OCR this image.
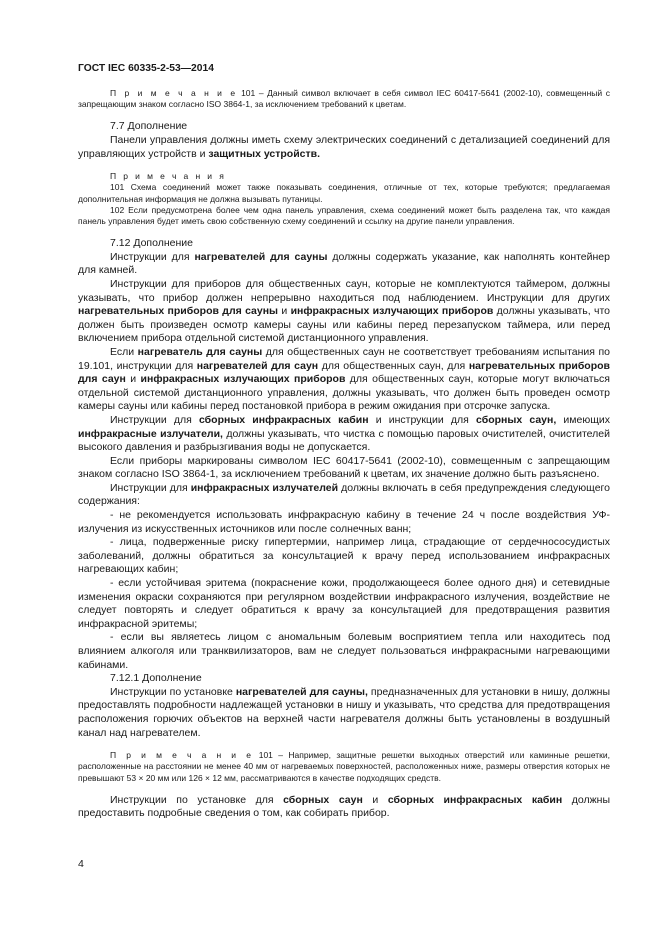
ГОСТ IEC 60335-2-53—2014

П р и м е ч а н и е 101 – Данный символ включает в себя символ IEC 60417-5641 (2002-10), совмещенный с запрещающим знаком согласно ISO 3864-1, за исключением требований к цветам.

7.7 Дополнение

Панели управления должны иметь схему электрических соединений с детализацией соединений для управляющих устройств и защитных устройств.

П р и м е ч а н и я

101 Схема соединений может также показывать соединения, отличные от тех, которые требуются; предлагаемая дополнительная информация не должна вызывать путаницы.

102 Если предусмотрена более чем одна панель управления, схема соединений может быть разделена так, что каждая панель управления будет иметь свою собственную схему соединений и ссылку на другие панели управления.

7.12 Дополнение

Инструкции для нагревателей для сауны должны содержать указание, как наполнять контейнер для камней.

Инструкции для приборов для общественных саун, которые не комплектуются таймером, должны указывать, что прибор должен непрерывно находиться под наблюдением. Инструкции для других нагревательных приборов для сауны и инфракрасных излучающих приборов должны указывать, что должен быть произведен осмотр камеры сауны или кабины перед перезапуском таймера, или перед включением прибора отдельной системой дистанционного управления.

Если нагреватель для сауны для общественных саун не соответствует требованиям испытания по 19.101, инструкции для нагревателей для саун для общественных саун, для нагревательных приборов для саун и инфракрасных излучающих приборов для общественных саун, которые могут включаться отдельной системой дистанционного управления, должны указывать, что должен быть проведен осмотр камеры сауны или кабины перед постановкой прибора в режим ожидания при отсрочке запуска.

Инструкции для сборных инфракрасных кабин и инструкции для сборных саун, имеющих инфракрасные излучатели, должны указывать, что чистка с помощью паровых очистителей, очистителей высокого давления и разбрызгивания воды не допускается.

Если приборы маркированы символом IEC 60417-5641 (2002-10), совмещенным с запрещающим знаком согласно ISO 3864-1, за исключением требований к цветам, их значение должно быть разъяснено.

Инструкции для инфракрасных излучателей должны включать в себя предупреждения следующего содержания:

- не рекомендуется использовать инфракрасную кабину в течение 24 ч после воздействия УФ-излучения из искусственных источников или после солнечных ванн;

- лица, подверженные риску гипертермии, например лица, страдающие от сердечнососудистых заболеваний, должны обратиться за консультацией к врачу перед использованием инфракрасных нагревающих кабин;

- если устойчивая эритема (покраснение кожи, продолжающееся более одного дня) и сетевидные изменения окраски сохраняются при регулярном воздействии инфракрасного излучения, воздействие не следует повторять и следует обратиться к врачу за консультацией для предотвращения развития инфракрасной эритемы;

- если вы являетесь лицом с аномальным болевым восприятием тепла или находитесь под влиянием алкоголя или транквилизаторов, вам не следует пользоваться инфракрасными нагревающими кабинами.

7.12.1 Дополнение

Инструкции по установке нагревателей для сауны, предназначенных для установки в нишу, должны предоставлять подробности надлежащей установки в нишу и указывать, что средства для предотвращения расположения горючих объектов на верхней части нагревателя должны быть установлены в воздушный канал над нагревателем.

П р и м е ч а н и е 101 – Например, защитные решетки выходных отверстий или каминные решетки, расположенные на расстоянии не менее 40 мм от нагреваемых поверхностей, расположенных ниже, размеры отверстия которых не превышают 53 × 20 мм или 126 × 12 мм, рассматриваются в качестве подходящих средств.

Инструкции по установке для сборных саун и сборных инфракрасных кабин должны предоставить подробные сведения о том, как собирать прибор.

4
